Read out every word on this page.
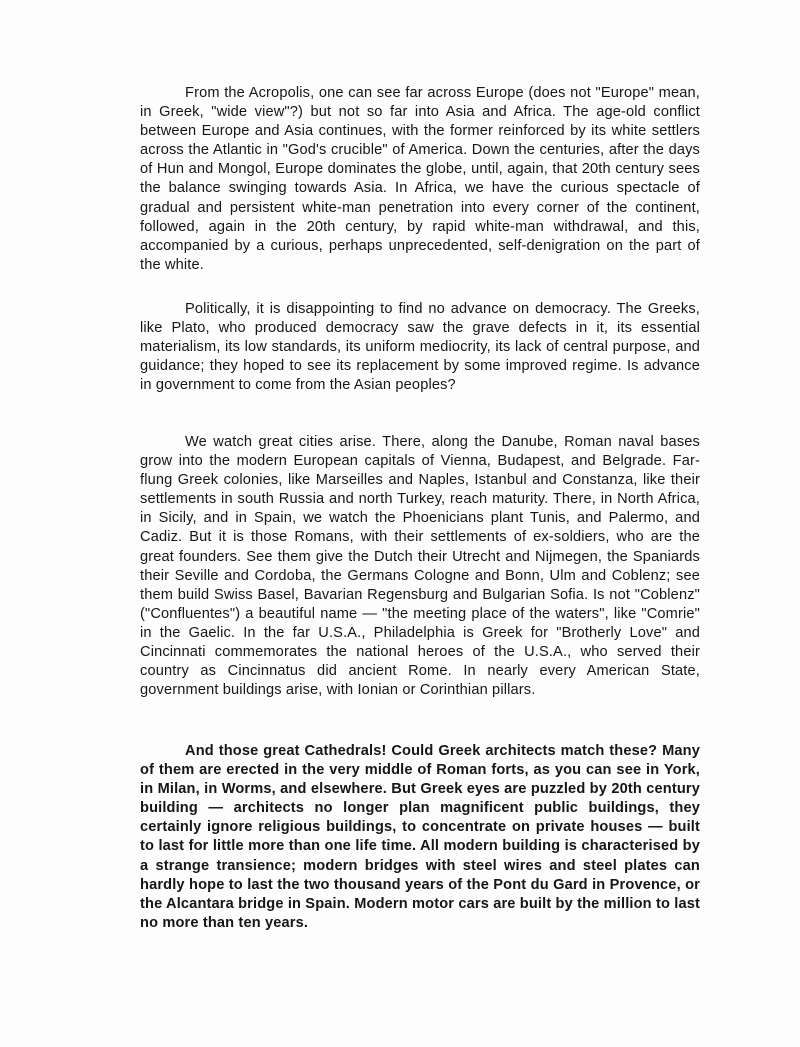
From the Acropolis, one can see far across Europe (does not "Europe" mean, in Greek, "wide view"?) but not so far into Asia and Africa. The age-old conflict between Europe and Asia continues, with the former reinforced by its white settlers across the Atlantic in "God's crucible" of America. Down the centuries, after the days of Hun and Mongol, Europe dominates the globe, until, again, that 20th century sees the balance swinging towards Asia. In Africa, we have the curious spectacle of gradual and persistent white-man penetration into every corner of the continent, followed, again in the 20th century, by rapid white-man withdrawal, and this, accompanied by a curious, perhaps unprecedented, self-denigration on the part of the white.

Politically, it is disappointing to find no advance on democracy. The Greeks, like Plato, who produced democracy saw the grave defects in it, its essential materialism, its low standards, its uniform mediocrity, its lack of central purpose, and guidance; they hoped to see its replacement by some improved regime. Is advance in government to come from the Asian peoples?

We watch great cities arise. There, along the Danube, Roman naval bases grow into the modern European capitals of Vienna, Budapest, and Belgrade. Far-flung Greek colonies, like Marseilles and Naples, Istanbul and Constanza, like their settlements in south Russia and north Turkey, reach maturity. There, in North Africa, in Sicily, and in Spain, we watch the Phoenicians plant Tunis, and Palermo, and Cadiz. But it is those Romans, with their settlements of ex-soldiers, who are the great founders. See them give the Dutch their Utrecht and Nijmegen, the Spaniards their Seville and Cordoba, the Germans Cologne and Bonn, Ulm and Coblenz; see them build Swiss Basel, Bavarian Regensburg and Bulgarian Sofia. Is not "Coblenz" ("Confluentes") a beautiful name — "the meeting place of the waters", like "Comrie" in the Gaelic. In the far U.S.A., Philadelphia is Greek for "Brotherly Love" and Cincinnati commemorates the national heroes of the U.S.A., who served their country as Cincinnatus did ancient Rome. In nearly every American State, government buildings arise, with Ionian or Corinthian pillars.

And those great Cathedrals! Could Greek architects match these? Many of them are erected in the very middle of Roman forts, as you can see in York, in Milan, in Worms, and elsewhere. But Greek eyes are puzzled by 20th century building — architects no longer plan magnificent public buildings, they certainly ignore religious buildings, to concentrate on private houses — built to last for little more than one life time. All modern building is characterised by a strange transience; modern bridges with steel wires and steel plates can hardly hope to last the two thousand years of the Pont du Gard in Provence, or the Alcantara bridge in Spain. Modern motor cars are built by the million to last no more than ten years.
